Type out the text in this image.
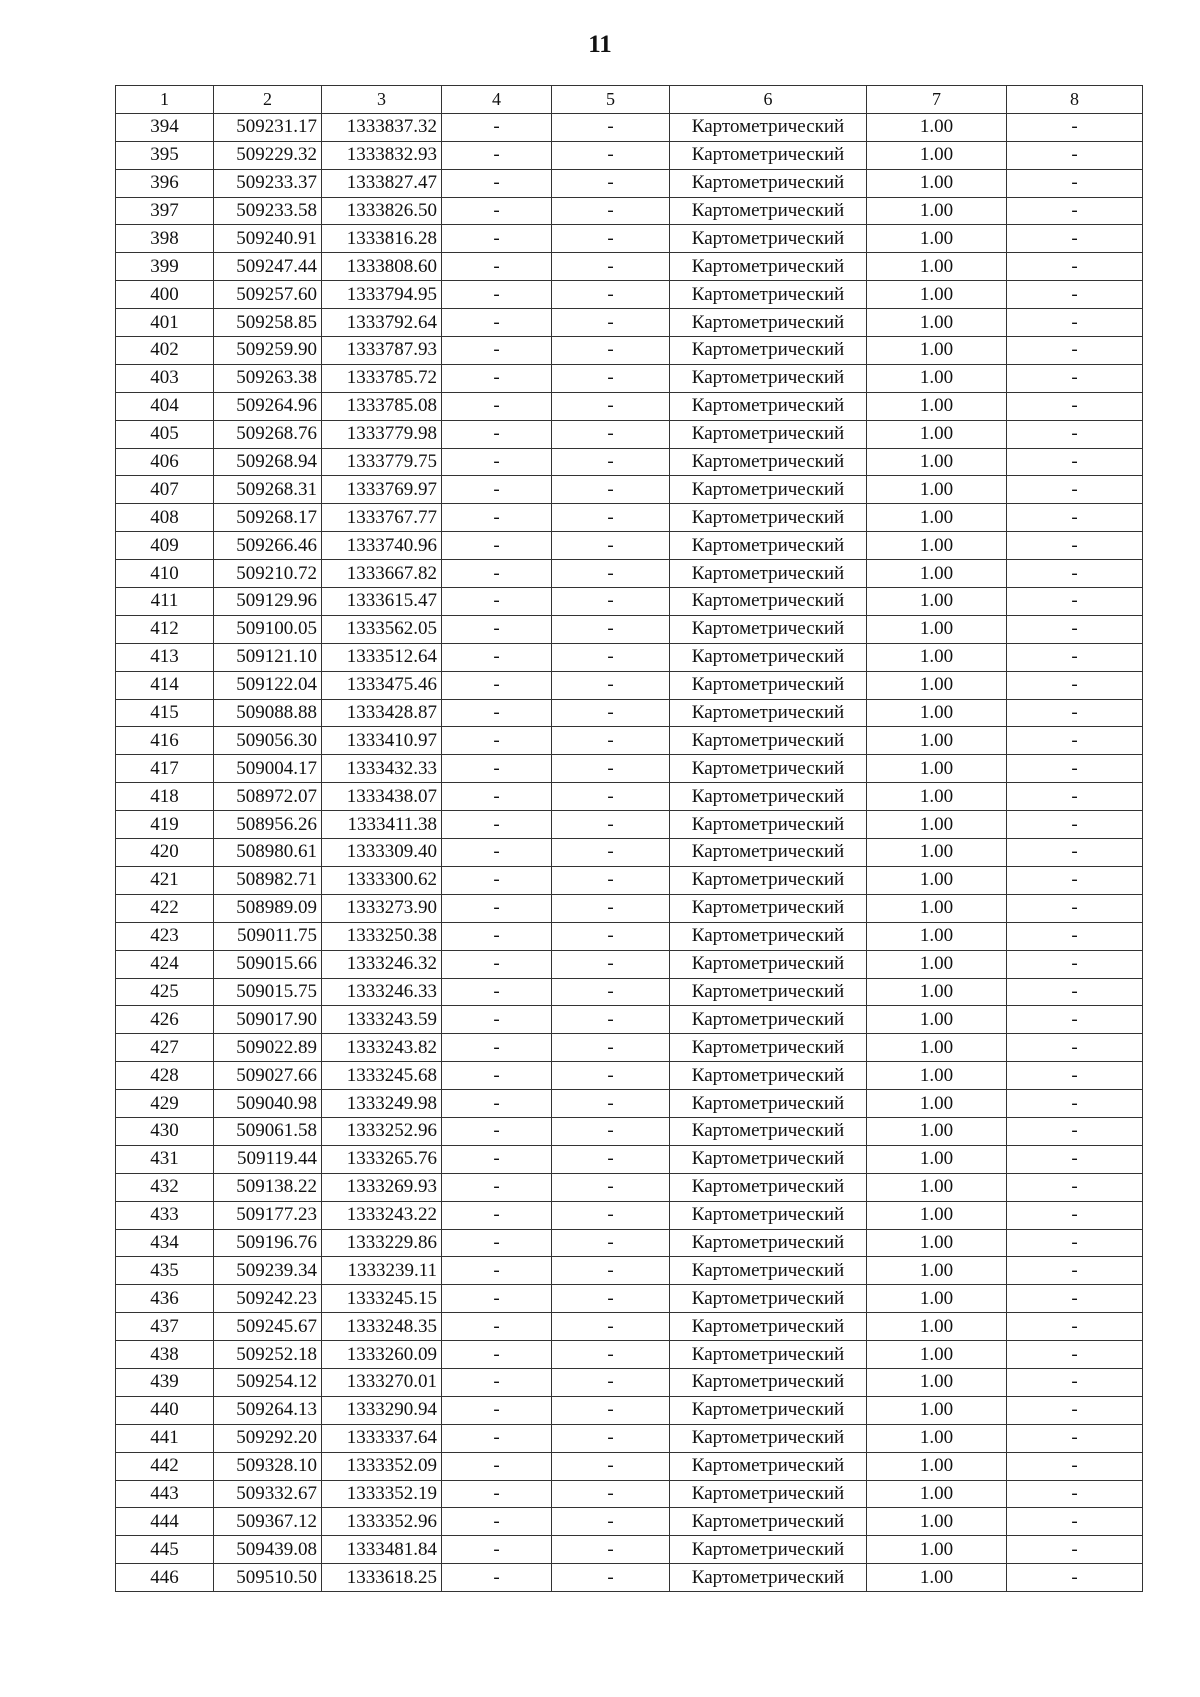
11
1	2	3	4	5	6	7	8
394	509231.17	1333837.32	-	-	Картометрический	1.00	-
395	509229.32	1333832.93	-	-	Картометрический	1.00	-
396	509233.37	1333827.47	-	-	Картометрический	1.00	-
397	509233.58	1333826.50	-	-	Картометрический	1.00	-
398	509240.91	1333816.28	-	-	Картометрический	1.00	-
399	509247.44	1333808.60	-	-	Картометрический	1.00	-
400	509257.60	1333794.95	-	-	Картометрический	1.00	-
401	509258.85	1333792.64	-	-	Картометрический	1.00	-
402	509259.90	1333787.93	-	-	Картометрический	1.00	-
403	509263.38	1333785.72	-	-	Картометрический	1.00	-
404	509264.96	1333785.08	-	-	Картометрический	1.00	-
405	509268.76	1333779.98	-	-	Картометрический	1.00	-
406	509268.94	1333779.75	-	-	Картометрический	1.00	-
407	509268.31	1333769.97	-	-	Картометрический	1.00	-
408	509268.17	1333767.77	-	-	Картометрический	1.00	-
409	509266.46	1333740.96	-	-	Картометрический	1.00	-
410	509210.72	1333667.82	-	-	Картометрический	1.00	-
411	509129.96	1333615.47	-	-	Картометрический	1.00	-
412	509100.05	1333562.05	-	-	Картометрический	1.00	-
413	509121.10	1333512.64	-	-	Картометрический	1.00	-
414	509122.04	1333475.46	-	-	Картометрический	1.00	-
415	509088.88	1333428.87	-	-	Картометрический	1.00	-
416	509056.30	1333410.97	-	-	Картометрический	1.00	-
417	509004.17	1333432.33	-	-	Картометрический	1.00	-
418	508972.07	1333438.07	-	-	Картометрический	1.00	-
419	508956.26	1333411.38	-	-	Картометрический	1.00	-
420	508980.61	1333309.40	-	-	Картометрический	1.00	-
421	508982.71	1333300.62	-	-	Картометрический	1.00	-
422	508989.09	1333273.90	-	-	Картометрический	1.00	-
423	509011.75	1333250.38	-	-	Картометрический	1.00	-
424	509015.66	1333246.32	-	-	Картометрический	1.00	-
425	509015.75	1333246.33	-	-	Картометрический	1.00	-
426	509017.90	1333243.59	-	-	Картометрический	1.00	-
427	509022.89	1333243.82	-	-	Картометрический	1.00	-
428	509027.66	1333245.68	-	-	Картометрический	1.00	-
429	509040.98	1333249.98	-	-	Картометрический	1.00	-
430	509061.58	1333252.96	-	-	Картометрический	1.00	-
431	509119.44	1333265.76	-	-	Картометрический	1.00	-
432	509138.22	1333269.93	-	-	Картометрический	1.00	-
433	509177.23	1333243.22	-	-	Картометрический	1.00	-
434	509196.76	1333229.86	-	-	Картометрический	1.00	-
435	509239.34	1333239.11	-	-	Картометрический	1.00	-
436	509242.23	1333245.15	-	-	Картометрический	1.00	-
437	509245.67	1333248.35	-	-	Картометрический	1.00	-
438	509252.18	1333260.09	-	-	Картометрический	1.00	-
439	509254.12	1333270.01	-	-	Картометрический	1.00	-
440	509264.13	1333290.94	-	-	Картометрический	1.00	-
441	509292.20	1333337.64	-	-	Картометрический	1.00	-
442	509328.10	1333352.09	-	-	Картометрический	1.00	-
443	509332.67	1333352.19	-	-	Картометрический	1.00	-
444	509367.12	1333352.96	-	-	Картометрический	1.00	-
445	509439.08	1333481.84	-	-	Картометрический	1.00	-
446	509510.50	1333618.25	-	-	Картометрический	1.00	-
